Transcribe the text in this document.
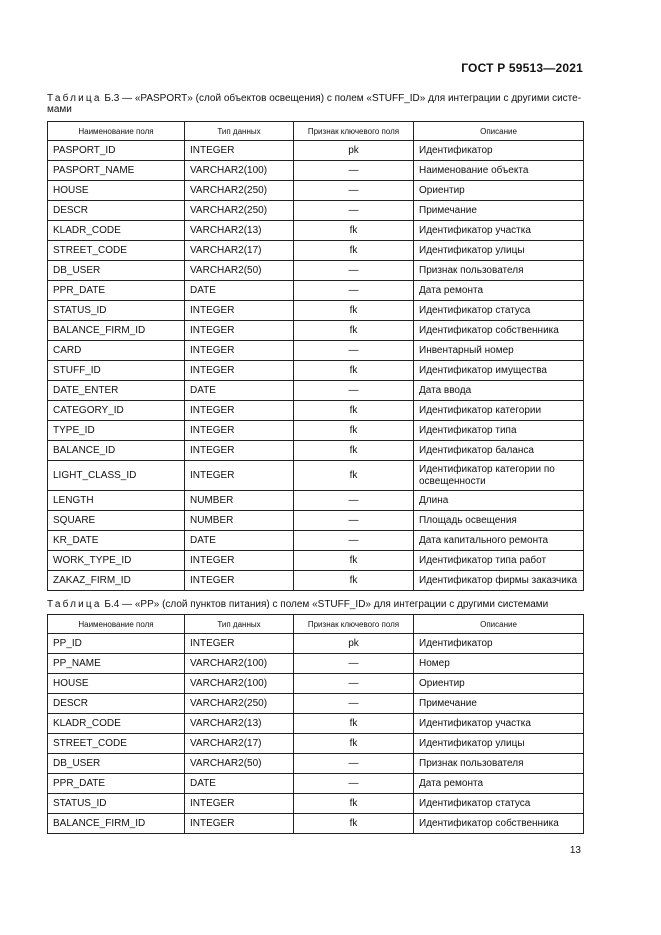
ГОСТ Р 59513—2021
Таблица Б.3 — «PASPORT» (слой объектов освещения) с полем «STUFF_ID» для интеграции с другими систе-мами
Наименование поля	Тип данных	Признак ключевого поля	Описание
PASPORT_ID	INTEGER	pk	Идентификатор
PASPORT_NAME	VARCHAR2(100)	—	Наименование объекта
HOUSE	VARCHAR2(250)	—	Ориентир
DESCR	VARCHAR2(250)	—	Примечание
KLADR_CODE	VARCHAR2(13)	fk	Идентификатор участка
STREET_CODE	VARCHAR2(17)	fk	Идентификатор улицы
DB_USER	VARCHAR2(50)	—	Признак пользователя
PPR_DATE	DATE	—	Дата ремонта
STATUS_ID	INTEGER	fk	Идентификатор статуса
BALANCE_FIRM_ID	INTEGER	fk	Идентификатор собственника
CARD	INTEGER	—	Инвентарный номер
STUFF_ID	INTEGER	fk	Идентификатор имущества
DATE_ENTER	DATE	—	Дата ввода
CATEGORY_ID	INTEGER	fk	Идентификатор категории
TYPE_ID	INTEGER	fk	Идентификатор типа
BALANCE_ID	INTEGER	fk	Идентификатор баланса
LIGHT_CLASS_ID	INTEGER	fk	Идентификатор категории по освещенности
LENGTH	NUMBER	—	Длина
SQUARE	NUMBER	—	Площадь освещения
KR_DATE	DATE	—	Дата капитального ремонта
WORK_TYPE_ID	INTEGER	fk	Идентификатор типа работ
ZAKAZ_FIRM_ID	INTEGER	fk	Идентификатор фирмы заказчика
Таблица Б.4 — «PP» (слой пунктов питания) с полем «STUFF_ID» для интеграции с другими системами
Наименование поля	Тип данных	Признак ключевого поля	Описание
PP_ID	INTEGER	pk	Идентификатор
PP_NAME	VARCHAR2(100)	—	Номер
HOUSE	VARCHAR2(100)	—	Ориентир
DESCR	VARCHAR2(250)	—	Примечание
KLADR_CODE	VARCHAR2(13)	fk	Идентификатор участка
STREET_CODE	VARCHAR2(17)	fk	Идентификатор улицы
DB_USER	VARCHAR2(50)	—	Признак пользователя
PPR_DATE	DATE	—	Дата ремонта
STATUS_ID	INTEGER	fk	Идентификатор статуса
BALANCE_FIRM_ID	INTEGER	fk	Идентификатор собственника
13
